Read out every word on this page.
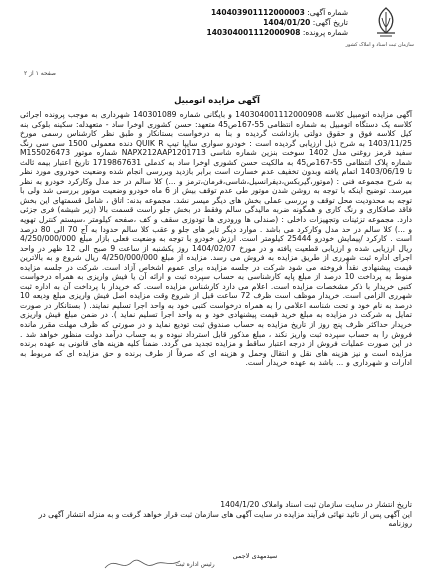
سازمان ثبت اسناد و املاک کشور
شماره آگهی: 140403901112000003
تاریخ آگهی: 1404/01/20
شماره پرونده: 140304001112000908
صفحه ۱ از ۲
آگهی مزایده اتومبیل

آگهی مزایده اتومبیل کلاسه 140304001112000908 و بایگانی شماره 140301089 شهرداری به موجب پرونده اجرائی کلاسه یک دستگاه اتومبیل به شماره انتظامی 55-167ص45 متعهد: حسن کشوری اوخرا ساد - متعهدله: سکینه بلوکی بنه کیل کلاسه فوق و حقوق دولتی بازداشت گردیده و بنا به درخواست بستانکار و طبق نظر کارشناس رسمی مورخ 1403/11/25 به شرح ذیل ارزیابی گردیده است : خودرو سواری سایپا تیپ QUIK R دنده معمولی 1500 سی سی رنگ سفید قرمز روغنی مدل 1402 سوخت بنزین شماره شاسی NAPX212AAP1201713 شماره موتور M155026473 شماره پلاک انتظامی 55-167ص45 به مالکیت حسن کشوری اوخرا ساد به کدملی 1719867631 تاریخ اعتبار بیمه ثالث تا 1403/06/19 اتمام یافته وبدون تخفیف عدم خسارت است برابر بازدید وبررسی انجام شده وضعیت خودروی مورد نظر به شرح مجموعه فنی : (موتور،گیربکس،دیفرانسیل،شاسی،فرمان،ترمز و ...) کلا سالم در حد مدل وکارکرد خودرو به نظر میرسد. توضیح اینکه با توجه به روشن شدن موتور طی عدم توقف بیش از 6 ماه خودرو وضعیت موتور بررسی شد ولی با توجه به محدودیت محل توقف و بررسی عملی بخش های دیگر میسر نشد. مجموعه بدنه: اتاق ، شامل قسمتهای این بخش فاقد صافکاری و رنگ کاری و همگونه ضربه مالیدگی سالم وفقط در بخش جلو راست قسمت بالا (زیر شیشه) فری جزئی دارد. مجموعه تزئینات وتجهیزات داخلی : (صندلی ها ورودری ها تودوزی سقف و کف ،صفحه کیلومتر ،سیستم کنترل تهویه و ...) کلا سالم در حد مدل وکارکرد می باشد . موارد دیگر تایر های جلو و عقب کلا سالم حدودا به آج 70 الی 80 درصد است . کارکرد /پیمایش خودرو 25444 کیلومتر است. ارزش خودرو با توجه به وضعیت فعلی بازار مبلغ 4/250/000/000 ریال ارزیابی شده و ارزیابی قطعیت یافته و در مورخ 1404/02/07 روز یکشنبه از ساعت 9 صبح الی 12 ظهر در واحد اجرای اداره ثبت شهرری از طریق مزایده به فروش می رسد. مزایده از مبلغ 4/250/000/000 ریال شروع و به بالاترین قیمت پیشنهادی نقداً فروخته می شود شرکت در جلسه مزایده برای عموم اشخاص آزاد است. شرکت در جلسه مزایده منوط به پرداخت 10 درصد از مبلغ پایه کارشناسی به حساب سپرده ثبت و ارائه آن یا فیش واریزی به همراه درخواست کتبی خریدار با ذکر مشخصات مزایده است. اعلام می دارد کارشناس مزایده است. که خریدار با پرداخت آن به اداره ثبت شهرری الزامی است. خریدار موظف است ظرف 72 ساعت قبل از شروع وقت مزایده اصل فیش واریزی مبلغ ودیعه 10 درصد به نام خود و تحت شناسه اعلامی را به همراه درخواست کتبی خود به واحد اجرا تسلیم نمایند. ( بستانکار در صورت تمایل به شرکت در مزایده به مبلغ خرید قیمت پیشنهادی خود و به واحد اجرا تسلیم نماید ). در ضمن مبلغ فیش واریزی خریدار حداکثر ظرف پنج روز از تاریخ مزایده به حساب صندوق ثبت تودیع نماید و در صورتی که ظرف مهلت مقرر مانده فروش را به حساب سپرده ثبت واریز نکند ، مبلغ مذکور قابل استرداد نبوده و به حساب درآمد دولت منظور خواهد شد . در این صورت عملیات فروش از درجه اعتبار ساقط و مزایده تجدید می گردد. ضمناً کلیه هزینه های قانونی به عهده برنده مزایده است و نیز هزینه های نقل و انتقال وحمل و هزینه ای که صرفاً از طرف برنده و حق مزایده ای که مربوط به ادارات و شهرداری و ... باشد به عهده خریدار است.

تاریخ انتشار در سایت سازمان ثبت اسناد واملاک 1404/1/20

این آگهی پس از تائید نهائی فرآیند مزایده در سایت آگهی های سازمان ثبت قرار خواهد گرفت و به منزله انتشار آگهی در روزنامه

سیدمهدی لاجمی
رئیس اداره ثبت
